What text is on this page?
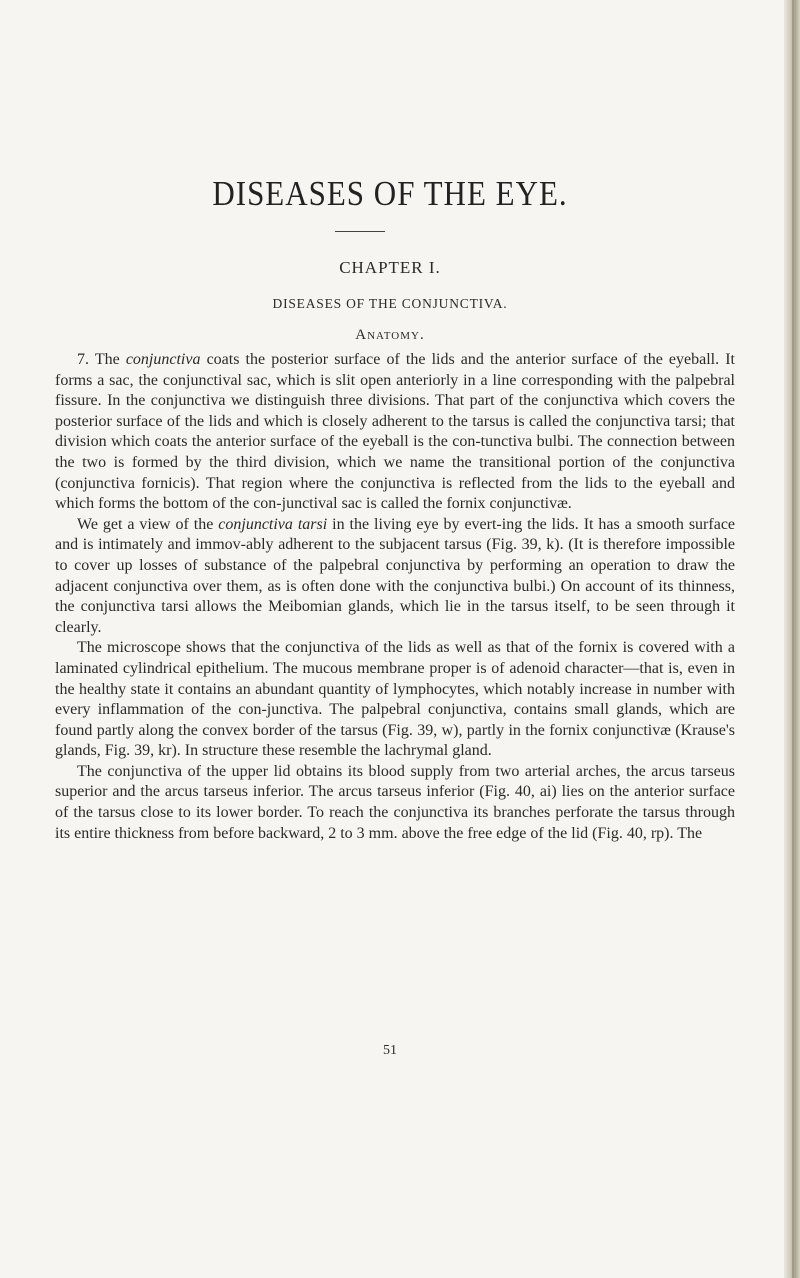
DISEASES OF THE EYE.
CHAPTER I.
DISEASES OF THE CONJUNCTIVA.
Anatomy.

7. The conjunctiva coats the posterior surface of the lids and the anterior surface of the eyeball. It forms a sac, the conjunctival sac, which is slit open anteriorly in a line corresponding with the palpebral fissure. In the conjunctiva we distinguish three divisions. That part of the conjunctiva which covers the posterior surface of the lids and which is closely adherent to the tarsus is called the conjunctiva tarsi; that division which coats the anterior surface of the eyeball is the con-tunctiva bulbi. The connection between the two is formed by the third division, which we name the transitional portion of the conjunctiva (conjunctiva fornicis). That region where the conjunctiva is reflected from the lids to the eyeball and which forms the bottom of the con-junctival sac is called the fornix conjunctivæ.

We get a view of the conjunctiva tarsi in the living eye by evert-ing the lids. It has a smooth surface and is intimately and immov-ably adherent to the subjacent tarsus (Fig. 39, k). (It is therefore impossible to cover up losses of substance of the palpebral conjunctiva by performing an operation to draw the adjacent conjunctiva over them, as is often done with the conjunctiva bulbi.) On account of its thinness, the conjunctiva tarsi allows the Meibomian glands, which lie in the tarsus itself, to be seen through it clearly.

The microscope shows that the conjunctiva of the lids as well as that of the fornix is covered with a laminated cylindrical epithelium. The mucous membrane proper is of adenoid character—that is, even in the healthy state it contains an abundant quantity of lymphocytes, which notably increase in number with every inflammation of the con-junctiva. The palpebral conjunctiva, contains small glands, which are found partly along the convex border of the tarsus (Fig. 39, w), partly in the fornix conjunctivæ (Krause's glands, Fig. 39, kr). In structure these resemble the lachrymal gland.

The conjunctiva of the upper lid obtains its blood supply from two arterial arches, the arcus tarseus superior and the arcus tarseus inferior. The arcus tarseus inferior (Fig. 40, ai) lies on the anterior surface of the tarsus close to its lower border. To reach the conjunctiva its branches perforate the tarsus through its entire thickness from before backward, 2 to 3 mm. above the free edge of the lid (Fig. 40, rp). The

51
